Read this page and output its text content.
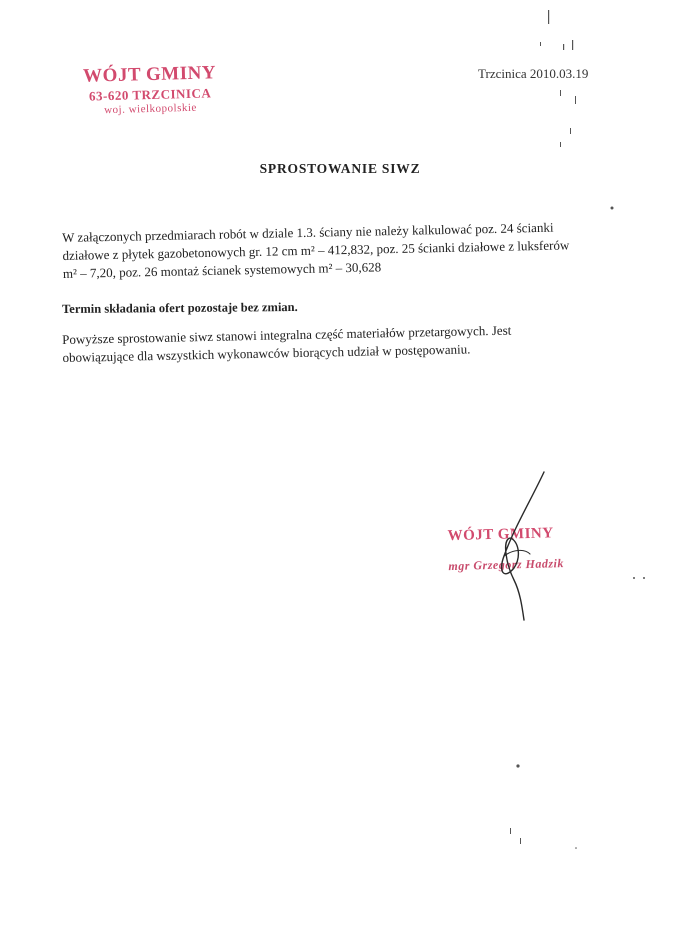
WÓJT GMINY
63-620 TRZCINICA
woj. wielkopolskie
Trzcinica 2010.03.19
SPROSTOWANIE SIWZ

W załączonych przedmiarach robót w dziale 1.3. ściany nie należy kalkulować poz. 24 ścianki działowe z płytek gazobetonowych gr. 12 cm m² – 412,832, poz. 25 ścianki działowe z luksferów m² – 7,20, poz. 26 montaż ścianek systemowych m² – 30,628

Termin składania ofert pozostaje bez zmian.

Powyższe sprostowanie siwz stanowi integralna część materiałów przetargowych. Jest obowiązujące dla wszystkich wykonawców biorących udział w postępowaniu.

WÓJT GMINY
mgr Grzegorz Hadzik
